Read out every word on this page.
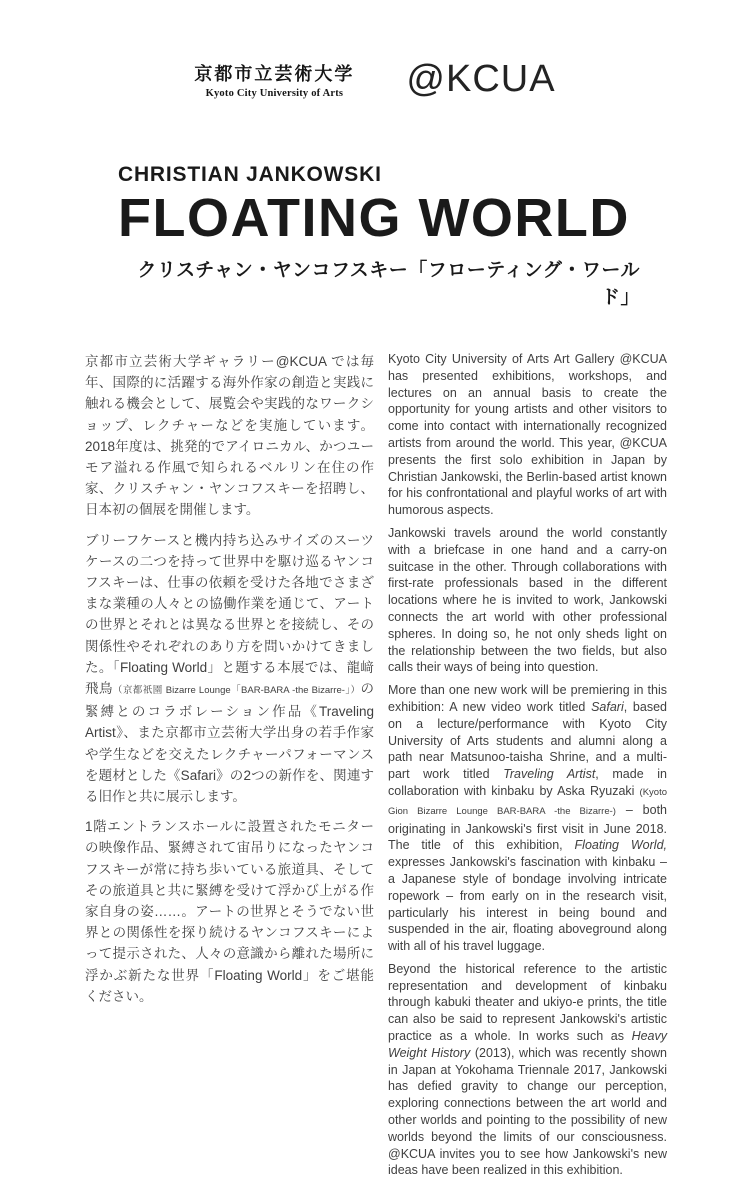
京都市立芸術大学
Kyoto City University of Arts @KCUA
CHRISTIAN JANKOWSKI
FLOATING WORLD
クリスチャン・ヤンコフスキー「フローティング・ワールド」

京都市立芸術大学ギャラリー@KCUA では毎年、国際的に活躍する海外作家の創造と実践に触れる機会として、展覧会や実践的なワークショップ、レクチャーなどを実施しています。2018年度は、挑発的でアイロニカル、かつユーモア溢れる作風で知られるベルリン在住の作家、クリスチャン・ヤンコフスキーを招聘し、日本初の個展を開催します。

ブリーフケースと機内持ち込みサイズのスーツケースの二つを持って世界中を駆け巡るヤンコフスキーは、仕事の依頼を受けた各地でさまざまな業種の人々との協働作業を通じて、アートの世界とそれとは異なる世界とを接続し、その関係性やそれぞれのあり方を問いかけてきました。「Floating World」と題する本展では、龍﨑飛鳥（京都祇園 Bizarre Lounge「BAR-BARA -the Bizarre-」）の緊縛とのコラボレーション作品《Traveling Artist》、また京都市立芸術大学出身の若手作家や学生などを交えたレクチャーパフォーマンスを題材とした《Safari》の2つの新作を、関連する旧作と共に展示します。

1階エントランスホールに設置されたモニターの映像作品、緊縛されて宙吊りになったヤンコフスキーが常に持ち歩いている旅道具、そしてその旅道具と共に緊縛を受けて浮かび上がる作家自身の姿……。アートの世界とそうでない世界との関係性を探り続けるヤンコフスキーによって提示された、人々の意識から離れた場所に浮かぶ新たな世界「Floating World」をご堪能ください。

Kyoto City University of Arts Art Gallery @KCUA has presented exhibitions, workshops, and lectures on an annual basis to create the opportunity for young artists and other visitors to come into contact with internationally recognized artists from around the world. This year, @KCUA presents the first solo exhibition in Japan by Christian Jankowski, the Berlin-based artist known for his confrontational and playful works of art with humorous aspects.

Jankowski travels around the world constantly with a briefcase in one hand and a carry-on suitcase in the other. Through collaborations with first-rate professionals based in the different locations where he is invited to work, Jankowski connects the art world with other professional spheres. In doing so, he not only sheds light on the relationship between the two fields, but also calls their ways of being into question.

More than one new work will be premiering in this exhibition: A new video work titled Safari, based on a lecture/performance with Kyoto City University of Arts students and alumni along a path near Matsunoo-taisha Shrine, and a multi-part work titled Traveling Artist, made in collaboration with kinbaku by Aska Ryuzaki (Kyoto Gion Bizarre Lounge BAR-BARA -the Bizarre-) – both originating in Jankowski's first visit in June 2018. The title of this exhibition, Floating World, expresses Jankowski's fascination with kinbaku – a Japanese style of bondage involving intricate ropework – from early on in the research visit, particularly his interest in being bound and suspended in the air, floating aboveground along with all of his travel luggage.

Beyond the historical reference to the artistic representation and development of kinbaku through kabuki theater and ukiyo-e prints, the title can also be said to represent Jankowski's artistic practice as a whole. In works such as Heavy Weight History (2013), which was recently shown in Japan at Yokohama Triennale 2017, Jankowski has defied gravity to change our perception, exploring connections between the art world and other worlds and pointing to the possibility of new worlds beyond the limits of our consciousness. @KCUA invites you to see how Jankowski's new ideas have been realized in this exhibition.
